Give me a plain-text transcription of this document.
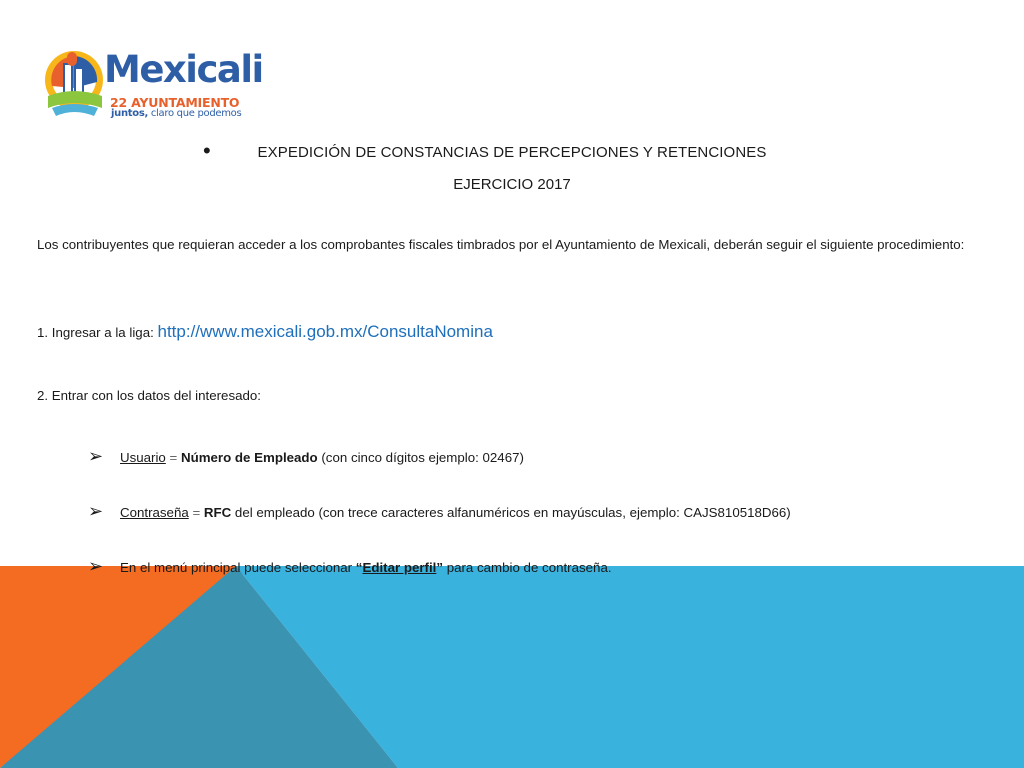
Mexicali
22 AYUNTAMIENTO
juntos, claro que podemos
•	EXPEDICIÓN DE CONSTANCIAS DE PERCEPCIONES Y RETENCIONES
EJERCICIO 2017
Los contribuyentes que requieran acceder a los comprobantes fiscales timbrados por el Ayuntamiento de Mexicali, deberán seguir el siguiente procedimiento:
1. Ingresar a la liga: http://www.mexicali.gob.mx/ConsultaNomina
2. Entrar con los datos del interesado:
➢ Usuario = Número de Empleado (con cinco dígitos ejemplo: 02467)
➢ Contraseña = RFC del empleado (con trece caracteres alfanuméricos en mayúsculas, ejemplo: CAJS810518D66)
➢ En el menú principal puede seleccionar “Editar perfil” para cambio de contraseña.
